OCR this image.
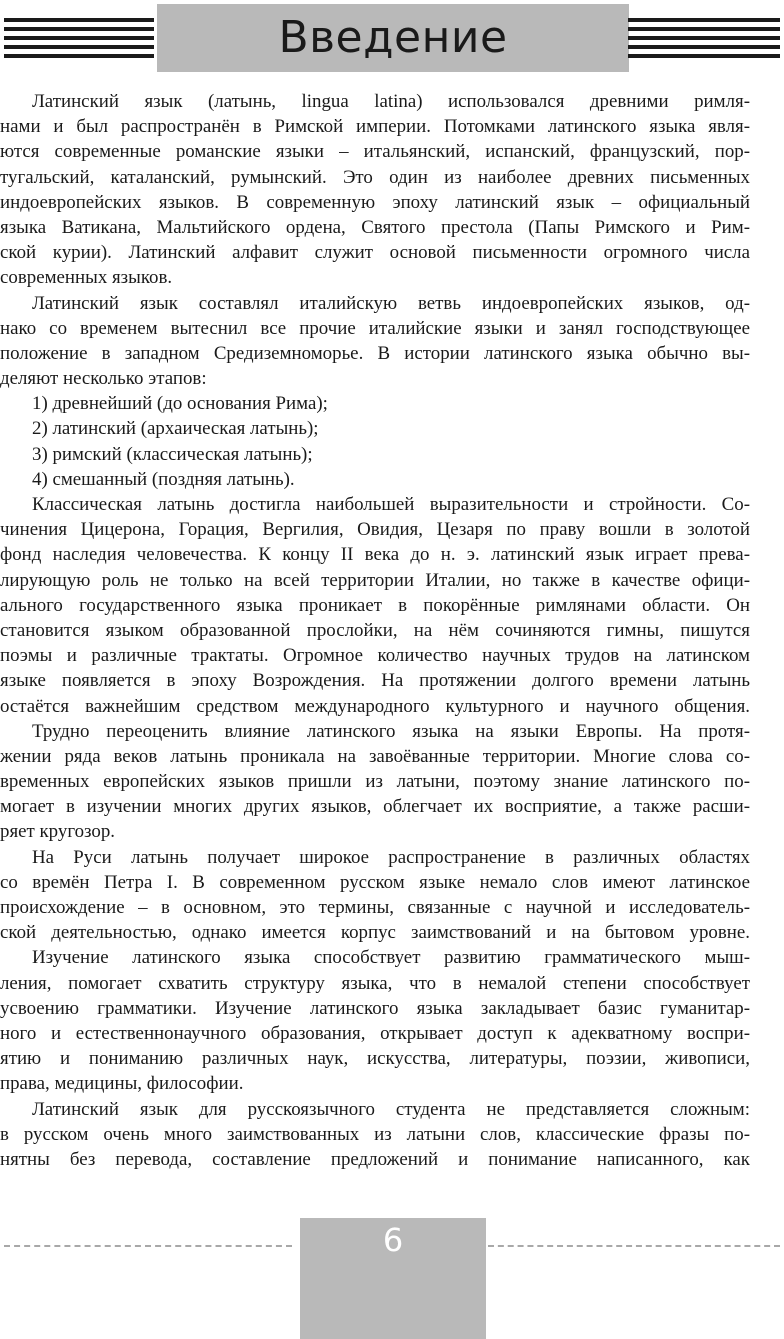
Введение
Латинский язык (латынь, lingua latina) использовался древними римля-
нами и был распространён в Римской империи. Потомками латинского языка явля-
ются современные романские языки – итальянский, испанский, французский, пор-
тугальский, каталанский, румынский. Это один из наиболее древних письменных
индоевропейских языков. В современную эпоху латинский язык – официальный
языка Ватикана, Мальтийского ордена, Святого престола (Папы Римского и Рим-
ской курии). Латинский алфавит служит основой письменности огромного числа
современных языков.
Латинский язык составлял италийскую ветвь индоевропейских языков, од-
нако со временем вытеснил все прочие италийские языки и занял господствующее
положение в западном Средиземноморье. В истории латинского языка обычно вы-
деляют несколько этапов:
1) древнейший (до основания Рима);
2) латинский (архаическая латынь);
3) римский (классическая латынь);
4) смешанный (поздняя латынь).
Классическая латынь достигла наибольшей выразительности и стройности. Со-
чинения Цицерона, Горация, Вергилия, Овидия, Цезаря по праву вошли в золотой
фонд наследия человечества. К концу II века до н. э. латинский язык играет прева-
лирующую роль не только на всей территории Италии, но также в качестве офици-
ального государственного языка проникает в покорённые римлянами области. Он
становится языком образованной прослойки, на нём сочиняются гимны, пишутся
поэмы и различные трактаты. Огромное количество научных трудов на латинском
языке появляется в эпоху Возрождения. На протяжении долгого времени латынь
остаётся важнейшим средством международного культурного и научного общения.
Трудно переоценить влияние латинского языка на языки Европы. На протя-
жении ряда веков латынь проникала на завоёванные территории. Многие слова со-
временных европейских языков пришли из латыни, поэтому знание латинского по-
могает в изучении многих других языков, облегчает их восприятие, а также расши-
ряет кругозор.
На Руси латынь получает широкое распространение в различных областях
со времён Петра I. В современном русском языке немало слов имеют латинское
происхождение – в основном, это термины, связанные с научной и исследователь-
ской деятельностью, однако имеется корпус заимствований и на бытовом уровне.
Изучение латинского языка способствует развитию грамматического мыш-
ления, помогает схватить структуру языка, что в немалой степени способствует
усвоению грамматики. Изучение латинского языка закладывает базис гуманитар-
ного и естественнонаучного образования, открывает доступ к адекватному воспри-
ятию и пониманию различных наук, искусства, литературы, поэзии, живописи,
права, медицины, философии.
Латинский язык для русскоязычного студента не представляется сложным:
в русском очень много заимствованных из латыни слов, классические фразы по-
нятны без перевода, составление предложений и понимание написанного, как
6
